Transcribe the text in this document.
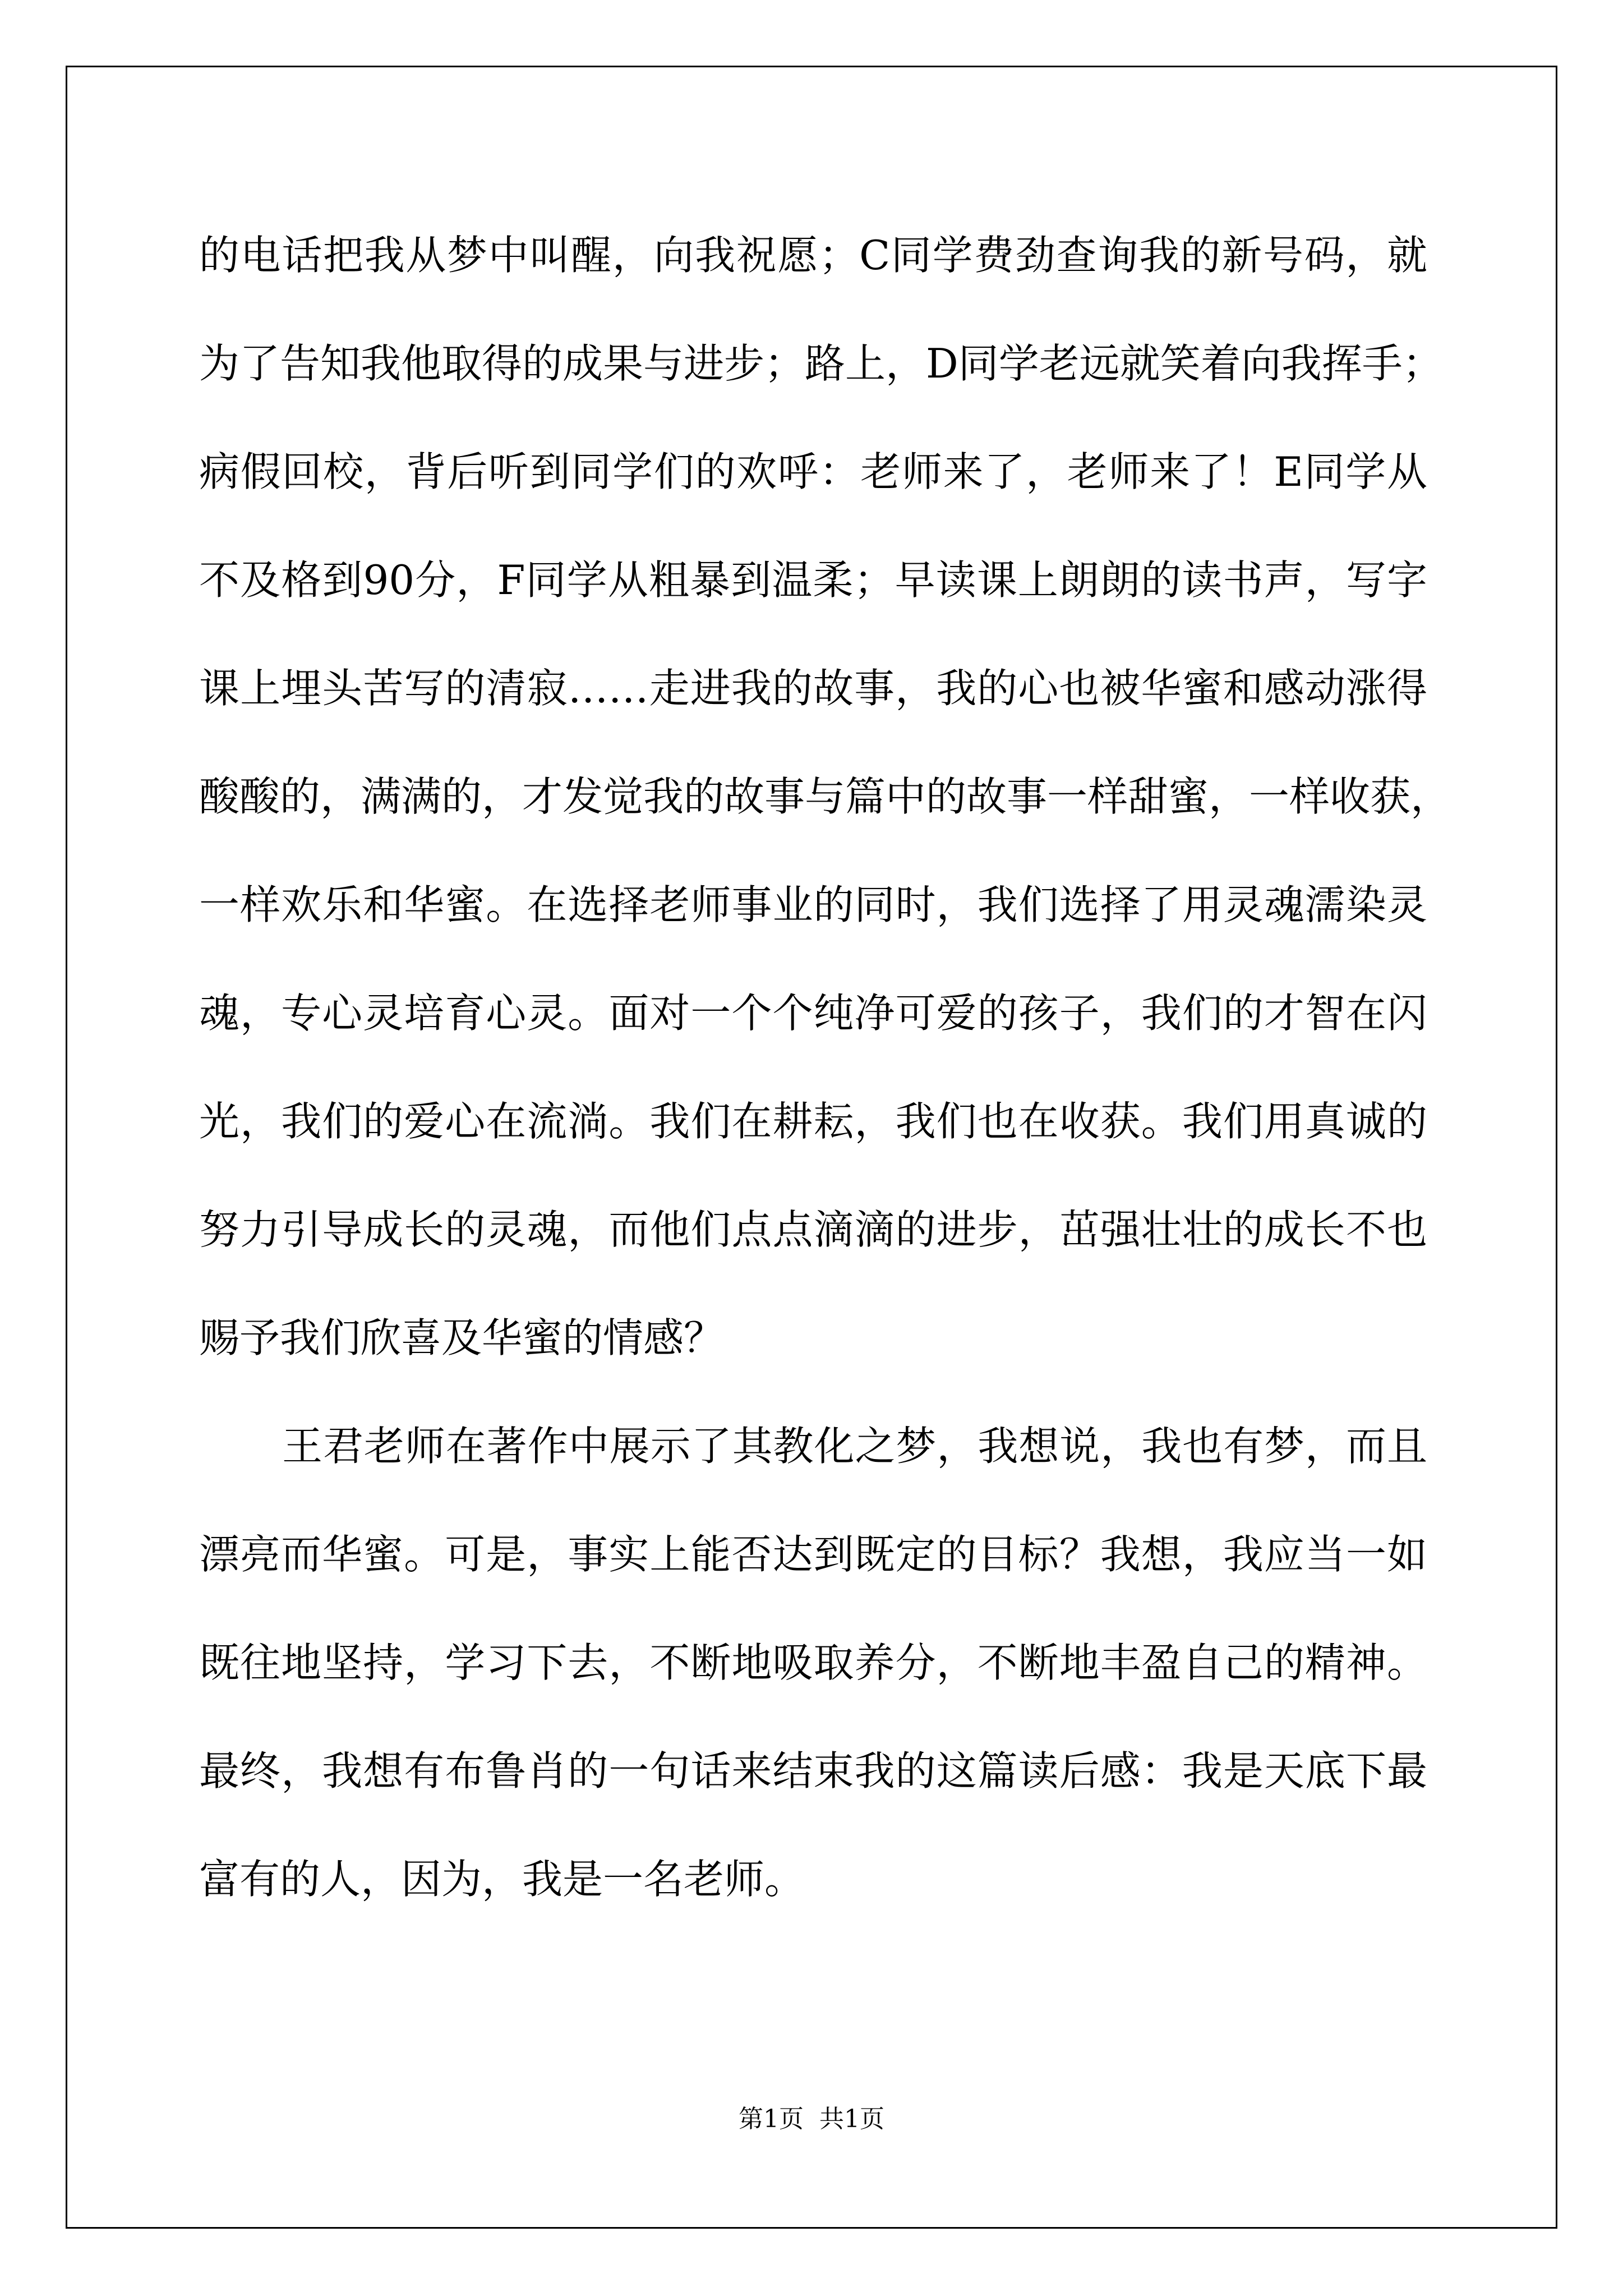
的电话把我从梦中叫醒，向我祝愿；C同学费劲查询我的新号码，就
为了告知我他取得的成果与进步；路上，D同学老远就笑着向我挥手；
病假回校，背后听到同学们的欢呼：老师来了，老师来了！E同学从
不及格到90分，F同学从粗暴到温柔；早读课上朗朗的读书声，写字
课上埋头苦写的清寂……走进我的故事，我的心也被华蜜和感动涨得
酸酸的，满满的，才发觉我的故事与篇中的故事一样甜蜜，一样收获，
一样欢乐和华蜜。在选择老师事业的同时，我们选择了用灵魂濡染灵
魂，专心灵培育心灵。面对一个个纯净可爱的孩子，我们的才智在闪
光，我们的爱心在流淌。我们在耕耘，我们也在收获。我们用真诚的
努力引导成长的灵魂，而他们点点滴滴的进步，茁强壮壮的成长不也
赐予我们欣喜及华蜜的情感？
王君老师在著作中展示了其教化之梦，我想说，我也有梦，而且
漂亮而华蜜。可是，事实上能否达到既定的目标？我想，我应当一如
既往地坚持，学习下去，不断地吸取养分，不断地丰盈自己的精神。
最终，我想有布鲁肖的一句话来结束我的这篇读后感：我是天底下最
富有的人，因为，我是一名老师。
第1页 共1页
